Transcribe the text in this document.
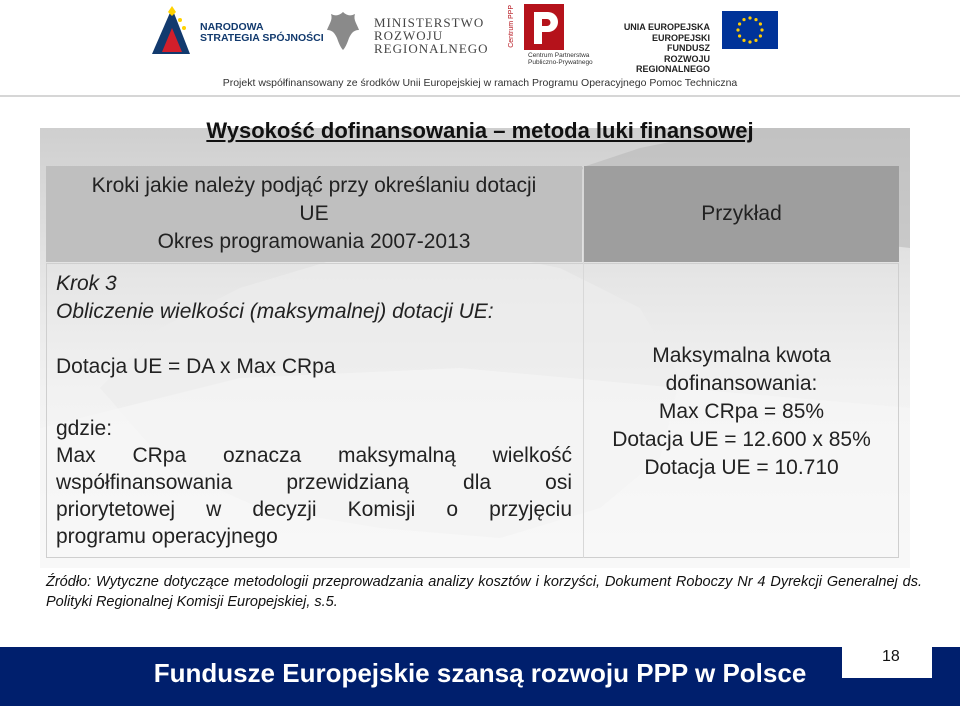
NARODOWA
STRATEGIA SPÓJNOŚCI
MINISTERSTWO
ROZWOJU
REGIONALNEGO
Centrum PPP
Centrum Partnerstwa
Publiczno-Prywatnego
UNIA EUROPEJSKA
EUROPEJSKI FUNDUSZ
ROZWOJU REGIONALNEGO
Projekt współfinansowany ze środków Unii Europejskiej w ramach Programu Operacyjnego Pomoc Techniczna
Wysokość dofinansowania – metoda luki finansowej
Kroki jakie należy podjąć przy określaniu dotacji
UE
Okres programowania 2007-2013
Przykład
Krok 3
Obliczenie wielkości (maksymalnej) dotacji UE:
Dotacja UE = DA x Max CRpa
gdzie:
Max CRpa oznacza maksymalną wielkość
współfinansowania przewidzianą dla osi
priorytetowej w decyzji Komisji o przyjęciu
programu operacyjnego
Maksymalna kwota
dofinansowania:
Max CRpa = 85%
Dotacja UE = 12.600 x 85%
Dotacja UE = 10.710
Źródło: Wytyczne dotyczące metodologii przeprowadzania analizy kosztów i korzyści, Dokument Roboczy Nr 4 Dyrekcji Generalnej ds. Polityki Regionalnej Komisji Europejskiej, s.5.
Fundusze Europejskie szansą rozwoju PPP w Polsce
18
